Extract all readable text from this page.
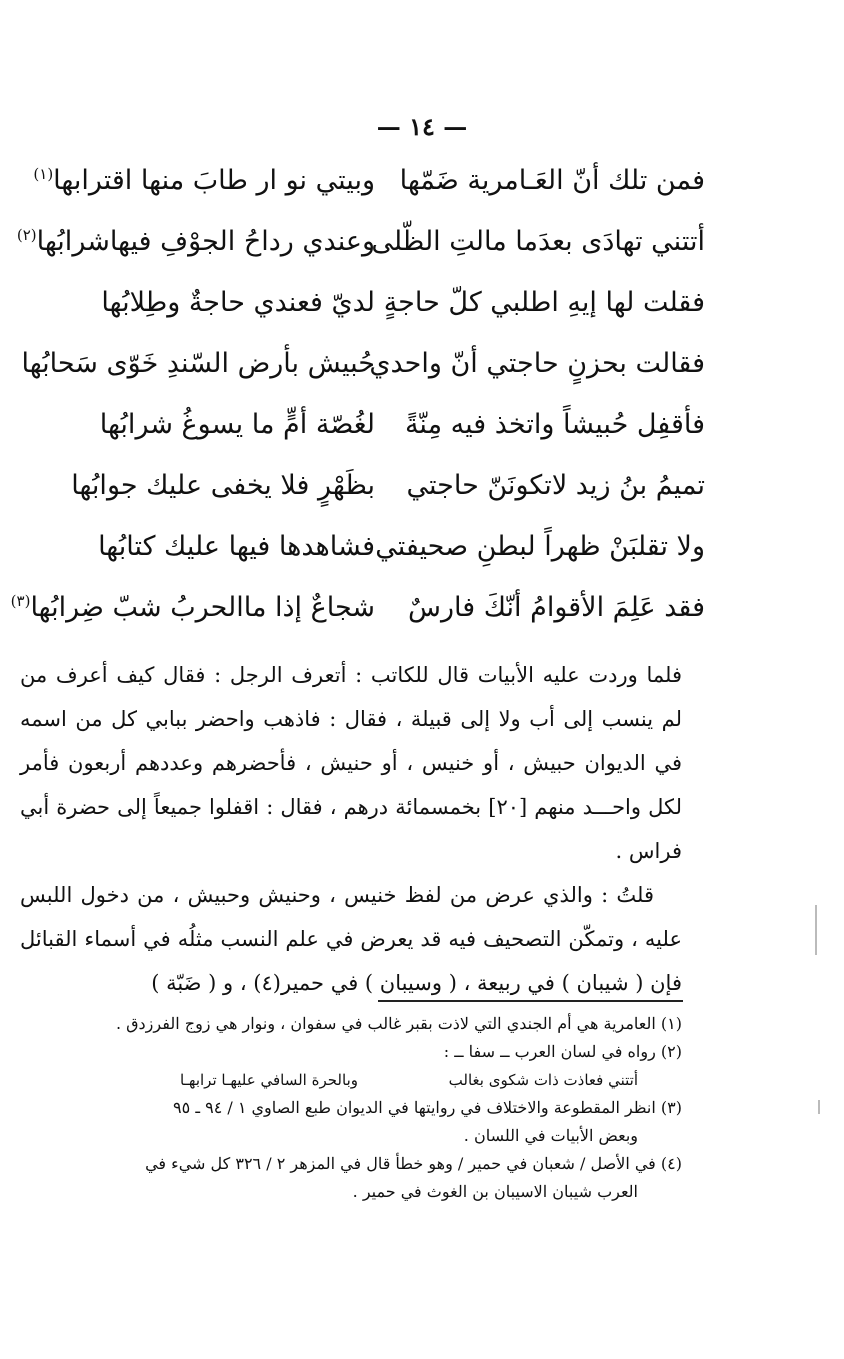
— ١٤ —
فمن تلك أنّ العَـامرية ضَمّها
وبيتي نو ار طابَ منها اقترابها$^{(١)}$
أتتني تهادَى بعدَما مالتِ الظّلى
وعندي رداحُ الجوْفِ فيهاشرابُها$^{(٢)}$
فقلت لها إيهِ اطلبي كلّ حاجةٍ
لديّ فعندي حاجةٌ وطِلابُها
فقالت بحزنٍ حاجتي أنّ واحدي
حُبيش بأرض السّندِ خَوّى سَحابُها
فأقفِل حُبيشاً واتخذ فيه مِنّةً
لغُصّة أمٍّ ما يسوغُ شرابُها
تميمُ بنُ زيد لاتكونَنّ حاجتي
بظَهْرٍ فلا يخفى عليك جوابُها
ولا تقلبَنْ ظهراً لبطنِ صحيفتي
فشاهدها فيها عليك كتابُها
فقد عَلِمَ الأقوامُ أنّكَ فارسٌ
شجاعٌ إذا ماالحربُ شبّ ضِرابُها$^{(٣)}$

فلما وردت عليه الأبيات قال للكاتب : أتعرف الرجل : فقال كيف أعرف من لم ينسب إلى أب ولا إلى قبيلة ، فقال : فاذهب واحضر ببابي كل من اسمه في الديوان حبيش ، أو خنيس ، أو حنيش ، فأحضرهم وعددهم أربعون فأمر لكل واحـــد منهم [٢٠] بخمسمائة درهم ، فقال : اقفلوا جميعاً إلى حضرة أبي فراس .

قلتُ : والذي عرض من لفظ خنيس ، وحنيش وحبيش ، من دخول اللبس عليه ، وتمكّن التصحيف فيه قد يعرض في علم النسب مثلُه في أسماء القبائل فإن ( شيبان ) في ربيعة ، ( وسيبان ) في حمير(٤) ، و ( ضَبّة )

(١) العامرية هي أم الجندي التي لاذت بقبر غالب في سفوان ، ونوار هي زوج الفرزدق .
(٢) رواه في لسان العرب ــ سفا ــ :
أتتني فعاذت ذات شكوى بغالب
وبالحرة السافي عليهـا ترابهـا
(٣) انظر المقطوعة والاختلاف في روايتها في الديوان طبع الصاوي ١ / ٩٤ ـ ٩٥
وبعض الأبيات في اللسان .
(٤) في الأصل / شعبان في حمير / وهو خطأ قال في المزهر ٢ / ٣٢٦ كل شيء في
العرب شيبان الاسيبان بن الغوث في حمير .
